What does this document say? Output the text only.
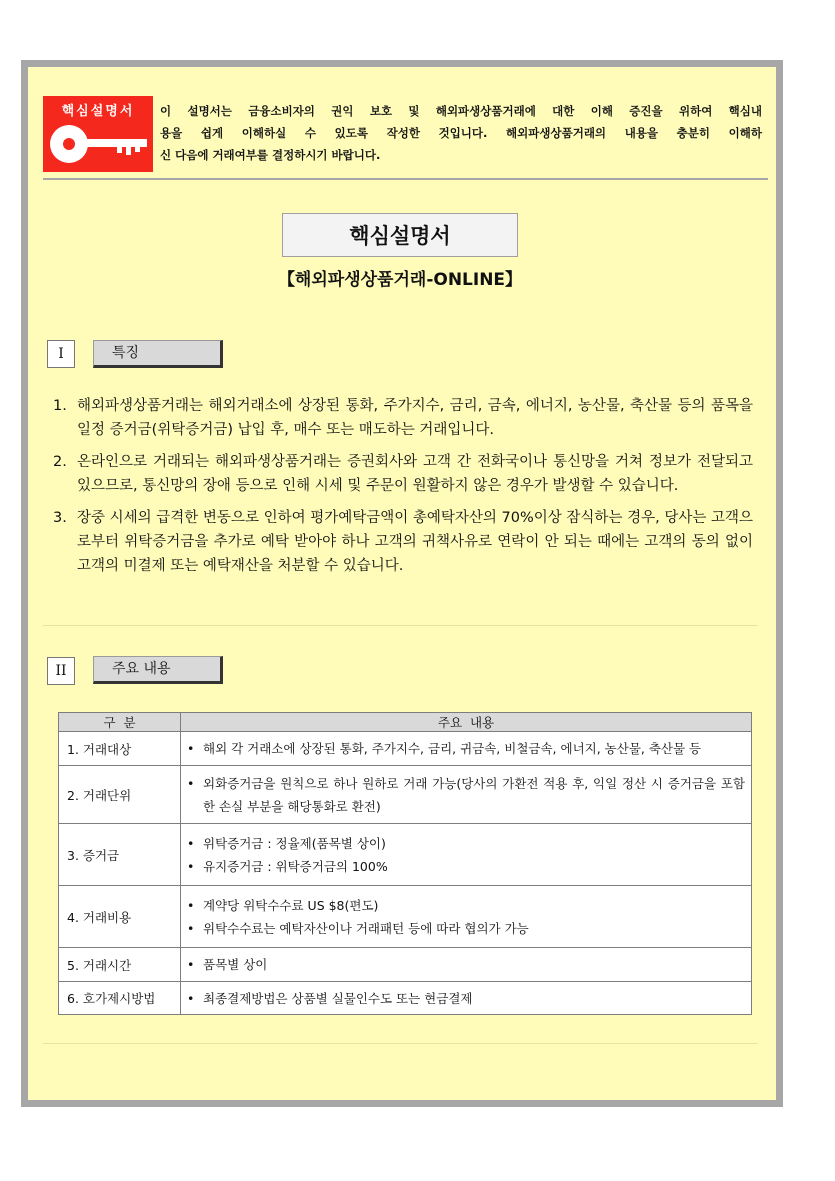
핵심설명서	이 설명서는 금융소비자의 권익 보호 및 해외파생상품거래에 대한 이해 증진을 위하여 핵심내
용을 쉽게 이해하실 수 있도록 작성한 것입니다. 해외파생상품거래의 내용을 충분히 이해하
신 다음에 거래여부를 결정하시기 바랍니다.
핵심설명서
【해외파생상품거래-ONLINE】
I	특징
1. 해외파생상품거래는 해외거래소에 상장된 통화, 주가지수, 금리, 금속, 에너지, 농산물, 축산물 등의 품목을 일정 증거금(위탁증거금) 납입 후, 매수 또는 매도하는 거래입니다.
2. 온라인으로 거래되는 해외파생상품거래는 증권회사와 고객 간 전화국이나 통신망을 거쳐 정보가 전달되고 있으므로, 통신망의 장애 등으로 인해 시세 및 주문이 원활하지 않은 경우가 발생할 수 있습니다.
3. 장중 시세의 급격한 변동으로 인하여 평가예탁금액이 총예탁자산의 70%이상 잠식하는 경우, 당사는 고객으로부터 위탁증거금을 추가로 예탁 받아야 하나 고객의 귀책사유로 연락이 안 되는 때에는 고객의 동의 없이 고객의 미결제 또는 예탁재산을 처분할 수 있습니다.
II	주요 내용
구  분	주요  내용
1. 거래대상	• 해외 각 거래소에 상장된 통화, 주가지수, 금리, 귀금속, 비철금속, 에너지, 농산물, 축산물 등

2. 거래단위	• 외화증거금을 원칙으로 하나 원하로 거래 가능(당사의 가환전 적용 후, 익일 정산 시 증거금을 포함한 손실 부분을 해당통화로 환전)

3. 증거금	• 위탁증거금 : 정율제(품목별 상이)
• 유지증거금 : 위탁증거금의 100%

4. 거래비용	• 계약당 위탁수수료 US $8(편도)
• 위탁수수료는 예탁자산이나 거래패턴 등에 따라 협의가 가능

5. 거래시간	• 품목별 상이

6. 호가제시방법	• 최종결제방법은 상품별 실물인수도 또는 현금결제
